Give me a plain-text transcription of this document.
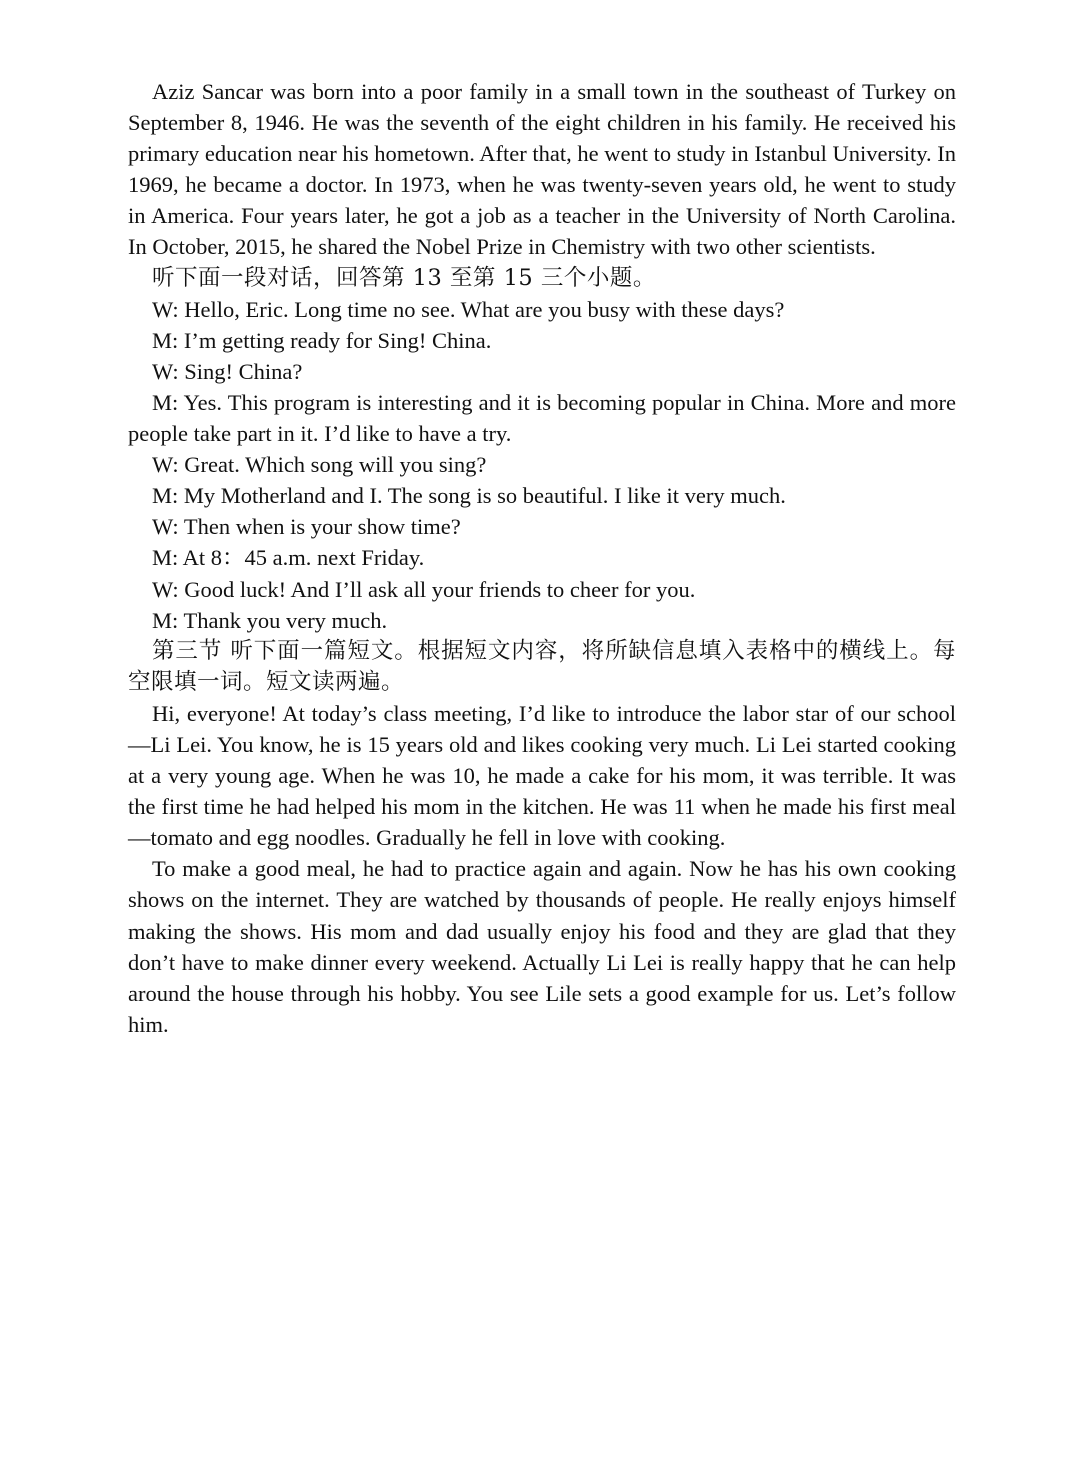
Aziz Sancar was born into a poor family in a small town in the southeast of Turkey on September 8, 1946. He was the seventh of the eight children in his family. He received his primary education near his hometown. After that, he went to study in Istanbul University. In 1969, he became a doctor. In 1973, when he was twenty-seven years old, he went to study in America. Four years later, he got a job as a teacher in the University of North Carolina. In October, 2015, he shared the Nobel Prize in Chemistry with two other scientists.

听下面一段对话，回答第 13 至第 15 三个小题。

W: Hello, Eric. Long time no see. What are you busy with these days?

M: I’m getting ready for Sing! China.

W: Sing! China?

M: Yes. This program is interesting and it is becoming popular in China. More and more people take part in it. I’d like to have a try.

W: Great. Which song will you sing?

M: My Motherland and I. The song is so beautiful. I like it very much.

W: Then when is your show time?

M: At 8：45 a.m. next Friday.

W: Good luck! And I’ll ask all your friends to cheer for you.

M: Thank you very much.

第三节 听下面一篇短文。根据短文内容，将所缺信息填入表格中的横线上。每空限填一词。短文读两遍。

Hi, everyone! At today’s class meeting, I’d like to introduce the labor star of our school—Li Lei. You know, he is 15 years old and likes cooking very much. Li Lei started cooking at a very young age. When he was 10, he made a cake for his mom, it was terrible. It was the first time he had helped his mom in the kitchen. He was 11 when he made his first meal—tomato and egg noodles. Gradually he fell in love with cooking.

To make a good meal, he had to practice again and again. Now he has his own cooking shows on the internet. They are watched by thousands of people. He really enjoys himself making the shows. His mom and dad usually enjoy his food and they are glad that they don’t have to make dinner every weekend. Actually Li Lei is really happy that he can help around the house through his hobby. You see Lile sets a good example for us. Let’s follow him.
